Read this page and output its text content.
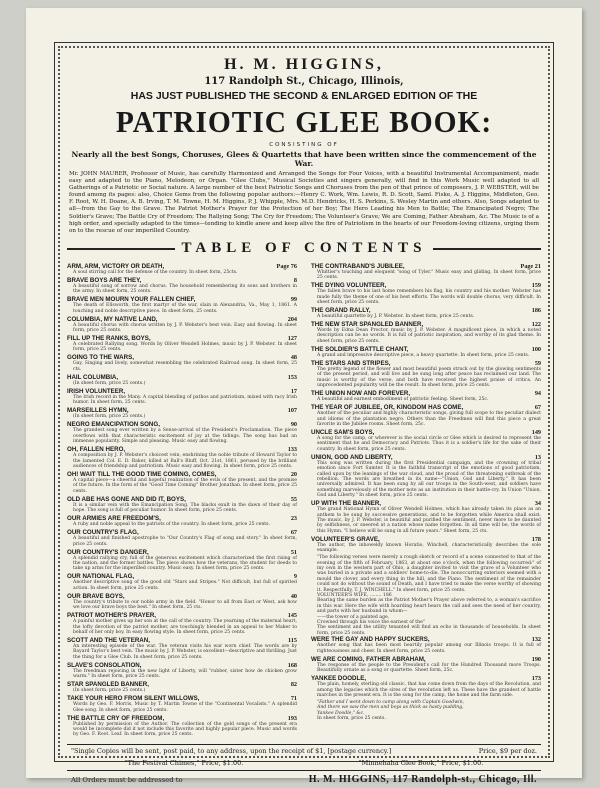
H. M. HIGGINS,
117 Randolph St., Chicago, Illinois,
HAS JUST PUBLISHED THE SECOND & ENLARGED EDITION OF THE
PATRIOTIC GLEE BOOK:
CONSISTING OF
Nearly all the best Songs, Choruses, Glees & Quartetts that have been written since the commencement of the War.
Mr. JOHN MAURER, Professor of Music, has carefully Harmonized and Arranged the Songs for Four Voices, with a beautiful Instrumental Accompaniment, made easy and adapted to the Piano, Melodeon, or Organ. "Glee Clubs," Musical Societies and singers generally, will find in this Work Music well adapted to all Gatherings of a Patriotic or Social nature. A large number of the best Patriotic Songs and Choruses from the pen of that prince of composers, J. P. WEBSTER, will be found among its pages: also, Choice Gems from the following popular authors:—Henry C. Work, Wm. Lewis, R. D. Scott, Saml. Fiske, A. J. Higgins, Middleton, Geo. F. Root, W. H. Doane, A. B. Irving, T. M. Towne, H. M. Higgins, P. J. Whipple, Mrs. M.D. Hendricks, H. S. Perkins, S. Wesley Martin and others. Also, Songs adapted to all—from the Gay to the Grave. The Patriot Mother's Prayer for the Protection of her Boy; The Hero Leading his Men to Battle; The Emancipated Negro; The Soldier's Grave; The Battle Cry of Freedom; The Rallying Song; The Cry for Freedom; The Volunteer's Grave; We are Coming, Father Abraham, &c. The Music is of a high order, and specially adapted to the times—tending to kindle anew and keep alive the fire of Patriotism in the hearts of our Freedom-loving citizens, urging them on to the rescue of our imperilled Country.
TABLE OF CONTENTS
ARM, ARM, VICTORY OR DEATH,	Page 76
A soul stirring call for the defense of the country. In sheet form, 25cts.
BRAVE BOYS ARE THEY,	8
A beautiful song of sorrow and chorus. The household remembering its sons and brothers in the army. In sheet form, 25 cents.
BRAVE MEN MOURN YOUR FALLEN CHIEF,	99
The death of Ellsworth, the first martyr of the war, slain in Alexandria, Va., May 1, 1861. A touching and noble descriptive piece. In sheet form, 25 cents.
COLUMBIA, MY NATIVE LAND,	204
A beautiful chorus with chorus written by J. P. Webster's best vein. Easy and flowing. In sheet form, price 25 cents.
FILL UP THE RANKS, BOYS,	127
A celebrated Rallying song. Words by Oliver Wendell Holmes, music by J. P. Webster. In sheet form, price 25 cents.
GOING TO THE WARS,	48
Gay, Singing and lively, somewhat resembling the celebrated Railroad song. In sheet form, 25 cts.
HAIL COLUMBIA,	153
(In sheet form, price 25 cents.)
IRISH VOLUNTEER,	17
The Irish record in the Many. A capital blending of pathos and patriotism, mixed with racy Irish humor. In sheet form, 25 cents.
MARSEILLES HYMN,	107
(In sheet form, price 25 cents.)
NEGRO EMANCIPATION SONG,	90
The grandest song ever written by a Sense-arrival of the President's Proclamation. The piece overflows with that characteristic excitement of joy at the tidings. The song has had an immense popularity. Simple and pleasing. Music easy and flowing.
OH, FALLEN HERO,	133
A composition by J. P. Webster's choicest vein, enshrining the noble tribute of Howard Taylor to the lamented Col. E. D. Baker, killed at Ball's Bluff, Oct. 21st, 1861, perused by the brilliant audiences of friendship and patriotism. Music easy and flowing. In sheet form, price 25 cents.
OH! WAIT TILL THE GOOD TIME COMING, COMES,	20
A capital piece—a cheerful and hopeful realization of the evils of the present, and the promise of the future. In the form of the "Good Time Coming" Brother Jonathan. In sheet form, price 25 cents.
OLD ABE HAS GONE AND DID IT, BOYS,	55
It is a similar vein with the Emancipation Song. The blacks exult in the dawn of their day of hope. The song is full of peculiar humor. In sheet form, price 25 cents.
OUR ARMIES ARE FREEDOM'S,	23
A ruby and noble appeal to the patriots of the country. In sheet form, price 25 cents.
OUR COUNTRY'S FLAG,	67
A beautiful and finished apostrophe to "Our Country's Flag of song and story." In sheet form, price 25 cents.
OUR COUNTRY'S DANGER,	51
A splendid rallying cry, full of the generous excitement which characterized the first rising of the nation, and the former battles. The piece shows how the veterans, the student for deeds to take up arms for the imperilled country. Music easy. In sheet form, price 25 cents.
OUR NATIONAL FLAG,	9
Another descriptive song of the good old "Stars and Stripes." Not difficult, but full of spirited action. In sheet form, price 25 cents.
OUR BRAVE BOYS,	40
The country's tribute to our noble army in the field. "Honor to all from East or West, ask how we love our brave boys the best." In sheet form, 25 cts.
PATRIOT MOTHER'S PRAYER,	145
A painful mother gives up her son at the call of the country. The yearning of the maternal heart, the lofty devotion of the patriot mother, are touchingly blended in an appeal to her Maker to behalf of her only boy. In easy flowing style. In sheet form, price 25 cents.
SCOTT AND THE VETERAN,	115
An interesting episode of the war. The veteran visits his war worn chief. The words are by Bayard Taylor's best vein. The music by J. P. Webster, is excellent—descriptive and thrilling. Just the thing for a Glee Club. In sheet form, price 25 cents.
SLAVE'S CONSOLATION,	168
The freedman rejoicing in the new light of Liberty, will "rubber, sister how de chicken grow warm." In sheet form, price 25 cents.
STAR SPANGLED BANNER,	82
(In sheet form, price 25 cents.)
TAKE YOUR HERO FROM SILENT WILLOWS,	71
Words by Geo. F. Morris, Music by T. Martin Towne of the "Continental Vocalists." A splendid Glee song. In sheet form, price 25 cents.
THE BATTLE CRY OF FREEDOM,	193
Published by permission of the Author. The collection of the gold songs of the present era would be incomplete did it not include this favorite and highly popular piece. Music and words by Geo. F. Root. Leaf. In sheet form, price 25 cents.
THE CONTRABAND'S JUBILEE,	Page 21
Whittier's touching and eloquent "song of Tyler." Music easy and gliding. In sheet form, price 25 cents.
THE DYING VOLUNTEER,	159
The fallen brave to his last home remembers his flag, his country and his mother. Webster has made fully the theme of one of his best efforts. The words will double chorus, very difficult. In sheet form, price 25 cents.
THE GRAND RALLY,	186
A beautiful quartette by J. P. Webster. In sheet form, price 25 cents.
THE NEW STAR SPANGLED BANNER,	122
Words by Edna Dean Proctor, music by J. P. Webster. A magnificent piece, in which a noted description can be no words. It is full of patriotic inspiration, and worthy of its glad theme. In sheet form, price 25 cents.
THE SOLDIER'S BATTLE CHANT,	100
A grand and impressive descriptive piece, a heavy quartette. In sheet form, price 25 cents.
THE STARS AND STRIPES,	59
The pretty legend of the flower and most beautiful poem struck out by the glowing sentiments of the present period, and will live and be sung long after peace has reclaimed our land. The music is worthy of the verse, and both have received the highest praise of critics. An unprecedented popularity will be the result. In sheet form, price 25 cents.
THE UNION NOW AND FOREVER,	94
A beautiful and earnest embodiment of patriotic feeling. Sheet form, 25c.
THE YEAR OF JUBILEE, OR, KINGDOM HAS COME,	67
Another of the peculiar and highly characteristic songs, giving full scope to the peculiar dialect and idioms of the plantation negro. Others than the Freedmen will find this piece a great favorite in the Jubilee rooms. Sheet form, 25c.
UNCLE SAM'S BOYS,	149
A song for the camp, or wherever is the social circle or Glee which is desired to represent the sentiment that he and Democracy and Patriots. Thus it is a soldier's life for the sake of their country. In sheet form, price 25 cents.
UNION, GOD AND LIBERTY,	13
This song was written during the first Presidential campaign, and the crowning of tribal emotion since Fort Sumter. It is the faithful transcript of the emotions of good patriotism, called upon by the leanings of the war cloud, and the proud of the threatening outbreak of the rebellion. The words are breathed in its name—"Union, God and Liberty." It has been universally admired. It has been sung by all our troops in the South-west, and soldiers have something marvelously of the mother note as an institution in their battle-cry. In Union "Union, God and Liberty." In sheet form, price 25 cents.
UP WITH THE BANNER,	34
The grand National Hymn of Oliver Wendell Holmes, which has already taken its place as an anthem to be sung by successive generations, and to be forgotten while America shall exist. The music, by J. P. Webster, is beautiful and purified the sentiment, never more to be daunted by selfishness, or sneered at a nation whose name forgotten. In all time will be, the words of this Hymn. "I believe will be sung in all future years." Sheet form, 25 cts.
VOLUNTEER'S GRAVE,	178
The author, the inhoweldy known Horatio, Winchell, characteristically describes the sole example.
"The following verses were merely a rough sketch or record of a scene connected to that of the evening of the fifth of February, 1863, at about one o'clock, when the following occurred:" of my own in the western part of Ohio, a daughter invited to visit the grave of a Volunteer who was buried in a private and a soldiers' home-to-die. The nonoccurring exteriors seemed with a mould the clover, and every thing in the hill, and the Piano. The sentiment of the remainder could not do without the sound of Death, and I have tried to make the verse worthy of showing it. Respectfully, T. J. WINCHELL." In sheet form, price 25 cents.
VOLUNTEER'S WIFE, ........ 186
Bearing the same burden as the Patriot Mother's Prayer above referred to, a woman's sacrifice in this war. Here the wife with hoarding heart bears the call and sees the need of her country, and parts with her husband in whom—
——the tower of a painted age,
Crowned through his voice the earnest of the"
The sentiment and the utility tenanted will find an echo in thousands of households. In sheet form, price 25 cents.
WERE THE GAY AND HAPPY SUCKERS,	132
Another song that has been most heartily popular among our Illinois troops. It is full of righteousness and cheer. In sheet form, price 25 cents.
WE ARE COMING, FATHER ABRAHAM,	190
The response of the people to the President's call for the Hundred Thousand more Troops. Beautifully ornate as a song or quartette. Sheet form, 25c.
YANKEE DOODLE,	173
The plain, homely, sterling old classic, that has come down from the days of the Revolution, and among the legacies which the sires of the revolution left us. These have the grandest of battle marches in the present era. It is the song for the camp, the home and the farm side.
"Father and I went down to camp along with Captain Goodwin,
And there we saw the men and boys as thick as hasty pudding,
Yankee Doodle," &c.
In sheet form, price 25 cents.
"Single Copies will be sent, post paid, to any address, upon the receipt of $1, [postage currency.]	Price, $9 per doz.
"The Festival Chimes," Price, $1.00.	"Minnehaha Glee Book," Price, $1.00.
All Orders must be addressed to	H. M. HIGGINS, 117 Randolph-st., Chicago, Ill.
